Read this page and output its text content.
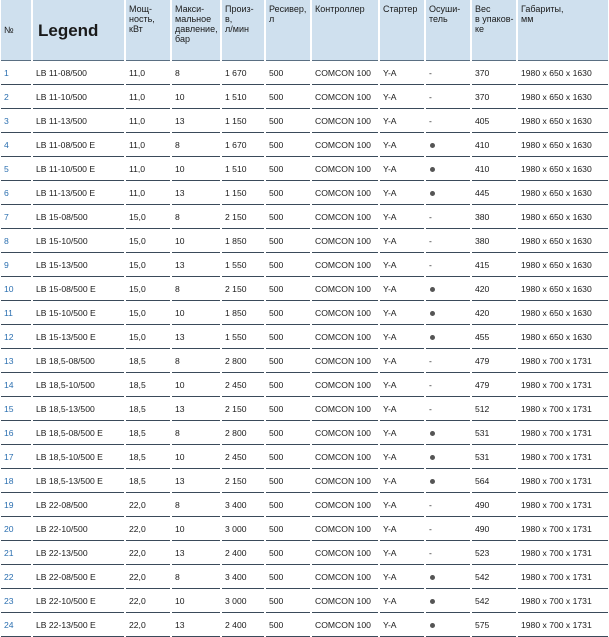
№	Legend	Мощ-
ность,
кВт	Макси-
мальное
давление,
бар	Произ-
в,
л/мин	Ресивер,
л	Контроллер	Стартер	Осуши-
тель	Вес
в упаков-
ке	Габариты,
мм
1	LB 11-08/500	11,0	8	1 670	500	COMCON 100	Y-A	-	370	1980 x 650 x 1630
2	LB 11-10/500	11,0	10	1 510	500	COMCON 100	Y-A	-	370	1980 x 650 x 1630
3	LB 11-13/500	11,0	13	1 150	500	COMCON 100	Y-A	-	405	1980 x 650 x 1630
4	LB 11-08/500 E	11,0	8	1 670	500	COMCON 100	Y-A		410	1980 x 650 x 1630
5	LB 11-10/500 E	11,0	10	1 510	500	COMCON 100	Y-A		410	1980 x 650 x 1630
6	LB 11-13/500 E	11,0	13	1 150	500	COMCON 100	Y-A		445	1980 x 650 x 1630
7	LB 15-08/500	15,0	8	2 150	500	COMCON 100	Y-A	-	380	1980 x 650 x 1630
8	LB 15-10/500	15,0	10	1 850	500	COMCON 100	Y-A	-	380	1980 x 650 x 1630
9	LB 15-13/500	15,0	13	1 550	500	COMCON 100	Y-A	-	415	1980 x 650 x 1630
10	LB 15-08/500 E	15,0	8	2 150	500	COMCON 100	Y-A		420	1980 x 650 x 1630
11	LB 15-10/500 E	15,0	10	1 850	500	COMCON 100	Y-A		420	1980 x 650 x 1630
12	LB 15-13/500 E	15,0	13	1 550	500	COMCON 100	Y-A		455	1980 x 650 x 1630
13	LB 18,5-08/500	18,5	8	2 800	500	COMCON 100	Y-A	-	479	1980 x 700 x 1731
14	LB 18,5-10/500	18,5	10	2 450	500	COMCON 100	Y-A	-	479	1980 x 700 x 1731
15	LB 18,5-13/500	18,5	13	2 150	500	COMCON 100	Y-A	-	512	1980 x 700 x 1731
16	LB 18,5-08/500 E	18,5	8	2 800	500	COMCON 100	Y-A		531	1980 x 700 x 1731
17	LB 18,5-10/500 E	18,5	10	2 450	500	COMCON 100	Y-A		531	1980 x 700 x 1731
18	LB 18,5-13/500 E	18,5	13	2 150	500	COMCON 100	Y-A		564	1980 x 700 x 1731
19	LB 22-08/500	22,0	8	3 400	500	COMCON 100	Y-A	-	490	1980 x 700 x 1731
20	LB 22-10/500	22,0	10	3 000	500	COMCON 100	Y-A	-	490	1980 x 700 x 1731
21	LB 22-13/500	22,0	13	2 400	500	COMCON 100	Y-A	-	523	1980 x 700 x 1731
22	LB 22-08/500 E	22,0	8	3 400	500	COMCON 100	Y-A		542	1980 x 700 x 1731
23	LB 22-10/500 E	22,0	10	3 000	500	COMCON 100	Y-A		542	1980 x 700 x 1731
24	LB 22-13/500 E	22,0	13	2 400	500	COMCON 100	Y-A		575	1980 x 700 x 1731
